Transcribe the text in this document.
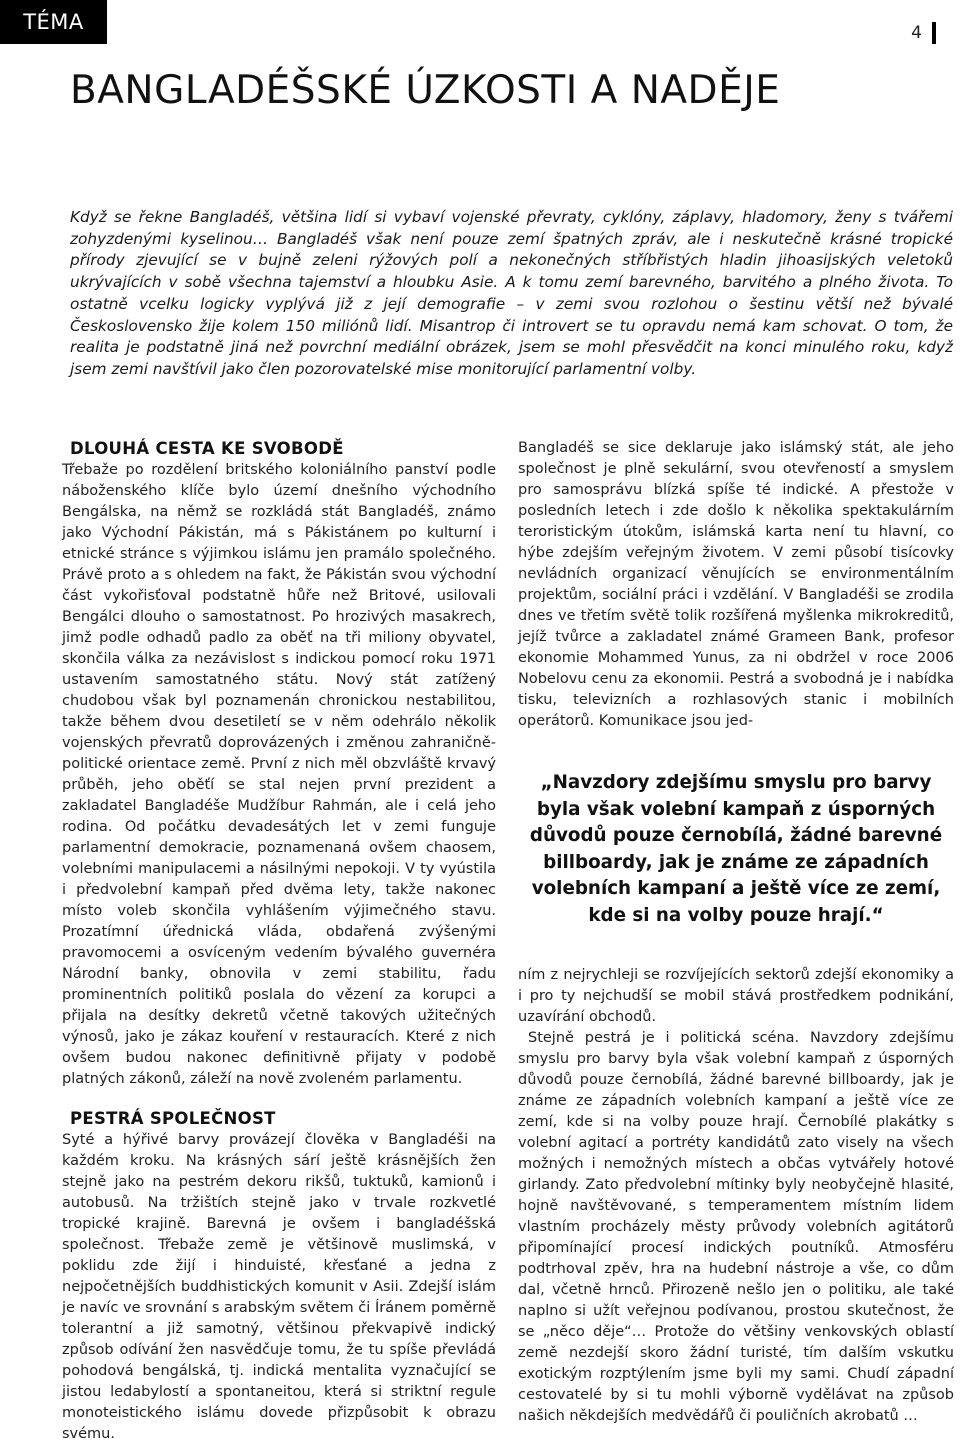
TÉMA	4
BANGLADÉŠSKÉ ÚZKOSTI A NADĚJE

Když se řekne Bangladéš, většina lidí si vybaví vojenské převraty, cyklóny, záplavy, hladomory, ženy s tvářemi zohyzdenými kyselinou… Bangladéš však není pouze zemí špatných zpráv, ale i neskutečně krásné tropické přírody zjevující se v bujně zeleni rýžových polí a nekonečných stříbřistých hladin jihoasijských veletoků ukrývajících v sobě všechna tajemství a hloubku Asie. A k tomu zemí barevného, barvitého a plného života. To ostatně vcelku logicky vyplývá již z její demografie – v zemi svou rozlohou o šestinu větší než bývalé Československo žije kolem 150 miliónů lidí. Misantrop či introvert se tu opravdu nemá kam schovat. O tom, že realita je podstatně jiná než povrchní mediální obrázek, jsem se mohl přesvědčit na konci minulého roku, když jsem zemi navštívil jako člen pozorovatelské mise monitorující parlamentní volby.

DLOUHÁ CESTA KE SVOBODĚ

Třebaže po rozdělení britského koloniálního panství podle náboženského klíče bylo území dnešního východního Bengálska, na němž se rozkládá stát Bangladéš, známo jako Východní Pákistán, má s Pákistánem po kulturní i etnické stránce s výjimkou islámu jen pramálo společného. Právě proto a s ohledem na fakt, že Pákistán svou východní část vykořisťoval podstatně hůře než Britové, usilovali Bengálci dlouho o samostatnost. Po hrozivých masakrech, jimž podle odhadů padlo za oběť na tři miliony obyvatel, skončila válka za nezávislost s indickou pomocí roku 1971 ustavením samostatného státu. Nový stát zatížený chudobou však byl poznamenán chronickou nestabilitou, takže během dvou desetiletí se v něm odehrálo několik vojenských převratů doprovázených i změnou zahraničně-politické orientace země. První z nich měl obzvláště krvavý průběh, jeho oběťí se stal nejen první prezident a zakladatel Bangladéše Mudžíbur Rahmán, ale i celá jeho rodina. Od počátku devadesátých let v zemi funguje parlamentní demokracie, poznamenaná ovšem chaosem, volebními manipulacemi a násilnými nepokoji. V ty vyústila i předvolební kampaň před dvěma lety, takže nakonec místo voleb skončila vyhlášením výjimečného stavu. Prozatímní úřednická vláda, obdařená zvýšenými pravomocemi a osvíceným vedením bývalého guvernéra Národní banky, obnovila v zemi stabilitu, řadu prominentních politiků poslala do vězení za korupci a přijala na desítky dekretů včetně takových užitečných výnosů, jako je zákaz kouření v restauracích. Které z nich ovšem budou nakonec definitivně přijaty v podobě platných zákonů, záleží na nově zvoleném parlamentu.

PESTRÁ SPOLEČNOST

Syté a hýřivé barvy provázejí člověka v Bangladéši na každém kroku. Na krásných sárí ještě krásnějších žen stejně jako na pestrém dekoru rikšů, tuktuků, kamionů i autobusů. Na tržištích stejně jako v trvale rozkvetlé tropické krajině. Barevná je ovšem i bangladéšská společnost. Třebaže země je většinově muslimská, v poklidu zde žijí i hinduisté, křesťané a jedna z nejpočetnějších buddhistických komunit v Asii. Zdejší islám je navíc ve srovnání s arabským světem či Íránem poměrně tolerantní a již samotný, většinou překvapivě indický způsob odívání žen nasvědčuje tomu, že tu spíše převládá pohodová bengálská, tj. indická mentalita vyznačující se jistou ledabylostí a spontaneitou, která si striktní regule monoteistického islámu dovede přizpůsobit k obrazu svému.

Bangladéš se sice deklaruje jako islámský stát, ale jeho společnost je plně sekulární, svou otevřeností a smyslem pro samosprávu blízká spíše té indické. A přestože v posledních letech i zde došlo k několika spektakulárním teroristickým útokům, islámská karta není tu hlavní, co hýbe zdejším veřejným životem. V zemi působí tisícovky nevládních organizací věnujících se environmentálním projektům, sociální práci i vzdělání. V Bangladéši se zrodila dnes ve třetím světě tolik rozšířená myšlenka mikrokreditů, jejíž tvůrce a zakladatel známé Grameen Bank, profesor ekonomie Mohammed Yunus, za ni obdržel v roce 2006 Nobelovu cenu za ekonomii. Pestrá a svobodná je i nabídka tisku, televizních a rozhlasových stanic i mobilních operátorů. Komunikace jsou jed-

„Navzdory zdejšímu smyslu pro barvy byla však volební kampaň z úsporných důvodů pouze černobílá, žádné barevné billboardy, jak je známe ze západních volebních kampaní a ještě více ze zemí, kde si na volby pouze hrají.“

ním z nejrychleji se rozvíjejících sektorů zdejší ekonomiky a i pro ty nejchudší se mobil stává prostředkem podnikání, uzavírání obchodů.

Stejně pestrá je i politická scéna. Navzdory zdejšímu smyslu pro barvy byla však volební kampaň z úsporných důvodů pouze černobílá, žádné barevné billboardy, jak je známe ze západních volebních kampaní a ještě více ze zemí, kde si na volby pouze hrají. Černobílé plakátky s volební agitací a portréty kandidátů zato visely na všech možných i nemožných místech a občas vytvářely hotové girlandy. Zato předvolební mítinky byly neobyčejně hlasité, hojně navštěvované, s temperamentem místním lidem vlastním procházely městy průvody volebních agitátorů připomínající procesí indických poutníků. Atmosféru podtrhoval zpěv, hra na hudební nástroje a vše, co dům dal, včetně hrnců. Přirozeně nešlo jen o politiku, ale také naplno si užít veřejnou podívanou, prostou skutečnost, že se „něco děje“… Protože do většiny venkovských oblastí země nezdejší skoro žádní turisté, tím dalším vskutku exotickým rozptýlením jsme byli my sami. Chudí západní cestovatelé by si tu mohli výborně vydělávat na způsob našich někdejších medvědářů či pouličních akrobatů …
